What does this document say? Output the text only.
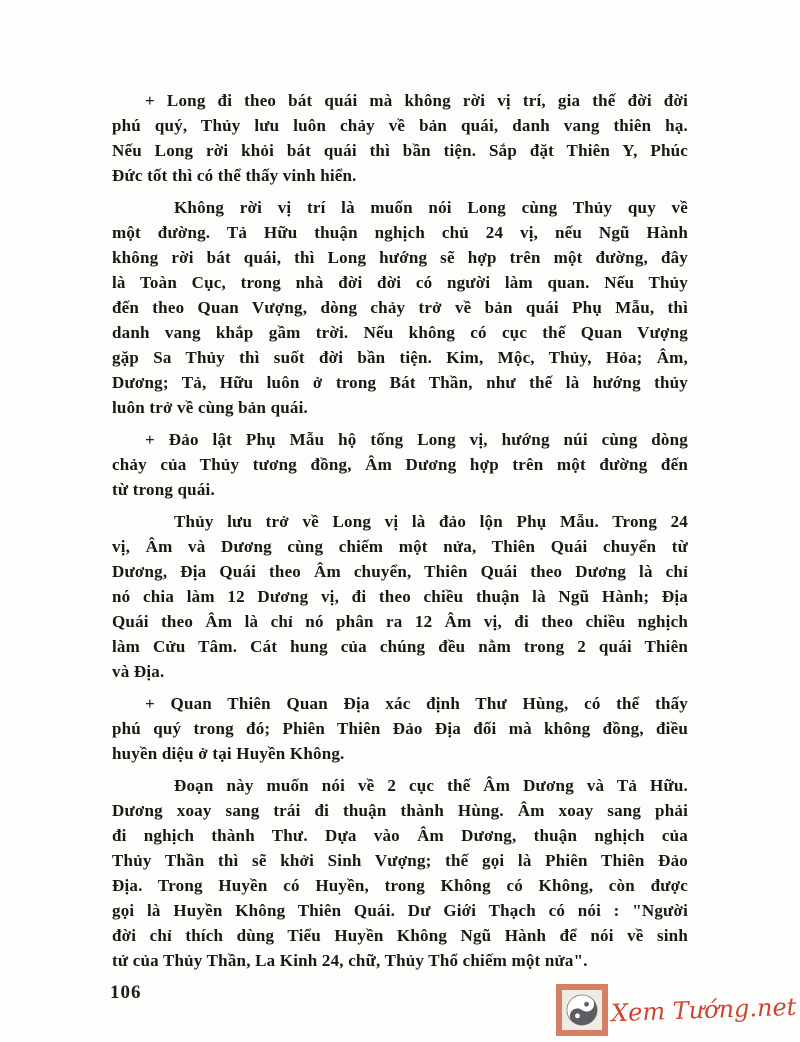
+ Long đi theo bát quái mà không rời vị trí, gia thế đời đời
phú quý, Thủy lưu luôn chảy về bản quái, danh vang thiên hạ.
Nếu Long rời khỏi bát quái thì bần tiện. Sắp đặt Thiên Y, Phúc
Đức tốt thì có thể thấy vinh hiển.
Không rời vị trí là muốn nói Long cùng Thủy quy về
một đường. Tả Hữu thuận nghịch chủ 24 vị, nếu Ngũ Hành
không rời bát quái, thì Long hướng sẽ hợp trên một đường, đây
là Toàn Cục, trong nhà đời đời có người làm quan. Nếu Thủy
đến theo Quan Vượng, dòng chảy trở về bản quái Phụ Mẫu, thì
danh vang khắp gầm trời. Nếu không có cục thế Quan Vượng
gặp Sa Thủy thì suốt đời bần tiện. Kim, Mộc, Thủy, Hỏa; Âm,
Dương; Tả, Hữu luôn ở trong Bát Thần, như thế là hướng thủy
luôn trở về cùng bản quái.
+ Đảo lật Phụ Mẫu hộ tống Long vị, hướng núi cùng dòng
chảy của Thủy tương đồng, Âm Dương hợp trên một đường đến
từ trong quái.
Thủy lưu trở về Long vị là đảo lộn Phụ Mẫu. Trong 24
vị, Âm và Dương cùng chiếm một nửa, Thiên Quái chuyển từ
Dương, Địa Quái theo Âm chuyển, Thiên Quái theo Dương là chỉ
nó chia làm 12 Dương vị, đi theo chiều thuận là Ngũ Hành; Địa
Quái theo Âm là chỉ nó phân ra 12 Âm vị, đi theo chiều nghịch
làm Cửu Tâm. Cát hung của chúng đều nằm trong 2 quái Thiên
và Địa.
+ Quan Thiên Quan Địa xác định Thư Hùng, có thể thấy
phú quý trong đó; Phiên Thiên Đảo Địa đối mà không đồng, điều
huyền diệu ở tại Huyền Không.
Đoạn này muốn nói về 2 cục thế Âm Dương và Tả Hữu.
Dương xoay sang trái đi thuận thành Hùng. Âm xoay sang phải
đi nghịch thành Thư. Dựa vào Âm Dương, thuận nghịch của
Thủy Thần thì sẽ khởi Sinh Vượng; thế gọi là Phiên Thiên Đảo
Địa. Trong Huyền có Huyền, trong Không có Không, còn được
gọi là Huyền Không Thiên Quái. Dư Giới Thạch có nói : "Người
đời chỉ thích dùng Tiểu Huyền Không Ngũ Hành để nói về sinh
tử của Thủy Thần, La Kinh 24, chữ, Thủy Thổ chiếm một nửa".
106
Xem Tướng.net
